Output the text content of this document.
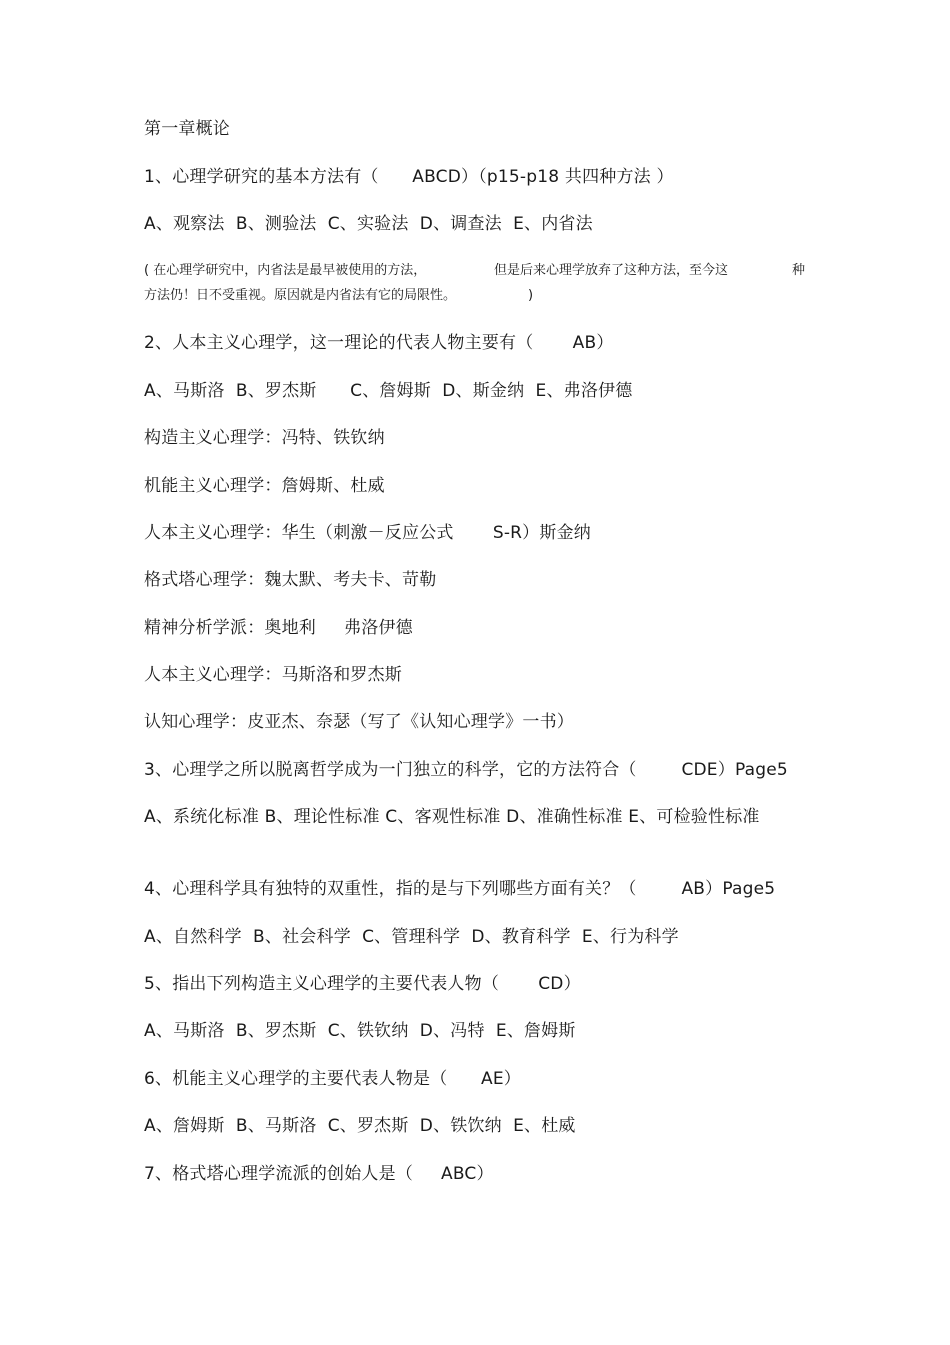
第一章概论
1、心理学研究的基本方法有（      ABCD）（p15-p18 共四种方法 ）
A、观察法  B、测验法  C、实验法  D、调查法  E、内省法
( 在心理学研究中，内省法是最早被使用的方法，	但是后来心理学放弃了这种方法，至今这	种
方法仍！日不受重视。原因就是内省法有它的局限性。	)
2、人本主义心理学，这一理论的代表人物主要有（       AB）
A、马斯洛  B、罗杰斯      C、詹姆斯  D、斯金纳  E、弗洛伊德
构造主义心理学：冯特、铁钦纳
机能主义心理学：詹姆斯、杜威
人本主义心理学：华生（刺激－反应公式       S-R）斯金纳
格式塔心理学：魏太默、考夫卡、苛勒
精神分析学派：奥地利     弗洛伊德
人本主义心理学：马斯洛和罗杰斯
认知心理学：皮亚杰、奈瑟（写了《认知心理学》一书）
3、心理学之所以脱离哲学成为一门独立的科学，它的方法符合（        CDE）Page5
A、系统化标准 B、理论性标准 C、客观性标准 D、准确性标准 E、可检验性标准
4、心理科学具有独特的双重性，指的是与下列哪些方面有关？（        AB）Page5
A、自然科学  B、社会科学  C、管理科学  D、教育科学  E、行为科学
5、指出下列构造主义心理学的主要代表人物（       CD）
A、马斯洛  B、罗杰斯  C、铁钦纳  D、冯特  E、詹姆斯
6、机能主义心理学的主要代表人物是（      AE）
A、詹姆斯  B、马斯洛  C、罗杰斯  D、铁饮纳  E、杜威
7、格式塔心理学流派的创始人是（     ABC）
